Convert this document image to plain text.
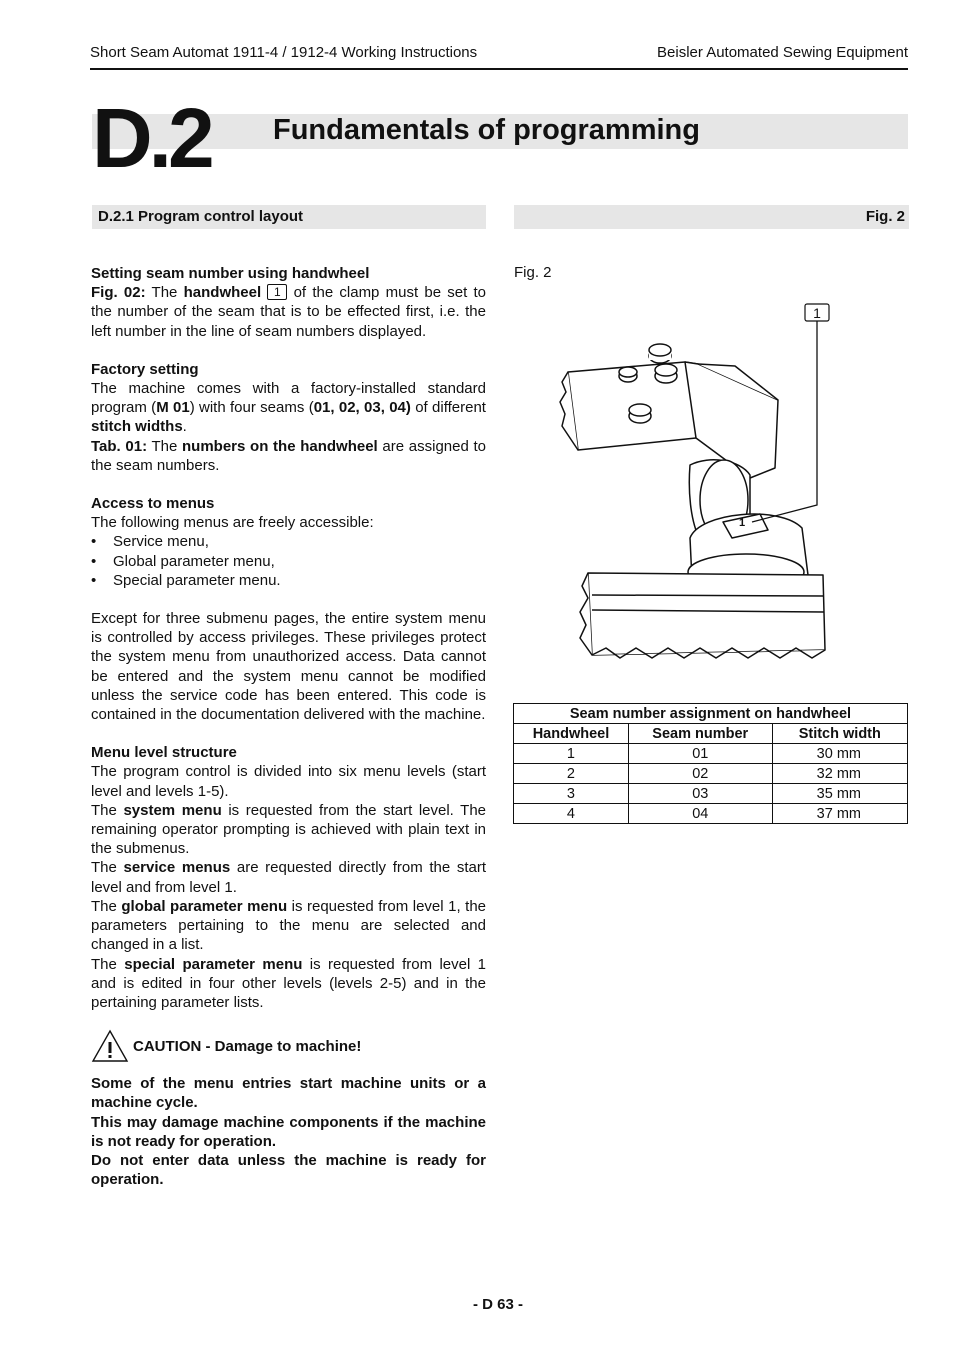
Short Seam Automat 1911-4 / 1912-4 Working Instructions	Beisler Automated Sewing Equipment
D.2 Fundamentals of programming
D.2.1 Program control layout	Fig. 2

Setting seam number using handwheel

Fig. 02: The handwheel 1 of the clamp must be set to the number of the seam that is to be effected first, i.e. the left number in the line of seam numbers displayed.

Factory setting

The machine comes with a factory-installed standard program (M 01) with four seams (01, 02, 03, 04) of different stitch widths.

Tab. 01: The numbers on the handwheel are assigned to the seam numbers.

Access to menus

The following menus are freely accessible:

• Service menu,
• Global parameter menu,
• Special parameter menu.

Except for three submenu pages, the entire system menu is controlled by access privileges. These privileges protect the system menu from unauthorized access. Data cannot be entered and the system menu cannot be modified unless the service code has been entered. This code is contained in the documentation delivered with the machine.

Menu level structure

The program control is divided into six menu levels (start level and levels 1-5).

The system menu is requested from the start level. The remaining operator prompting is achieved with plain text in the submenus.

The service menus are requested directly from the start level and from level 1.

The global parameter menu is requested from level 1, the parameters pertaining to the menu are selected and changed in a list.

The special parameter menu is requested from level 1 and is edited in four other levels (levels 2-5) and in the pertaining parameter lists.

CAUTION - Damage to machine!

Some of the menu entries start machine units or a machine cycle.

This may damage machine components if the machine is not ready for operation.

Do not enter data unless the machine is ready for operation.

Fig. 2
1
1
Seam number assignment on handwheel		
Handwheel	Seam number	Stitch width
1	01	30 mm
2	02	32 mm
3	03	35 mm
4	04	37 mm
- D 63 -
